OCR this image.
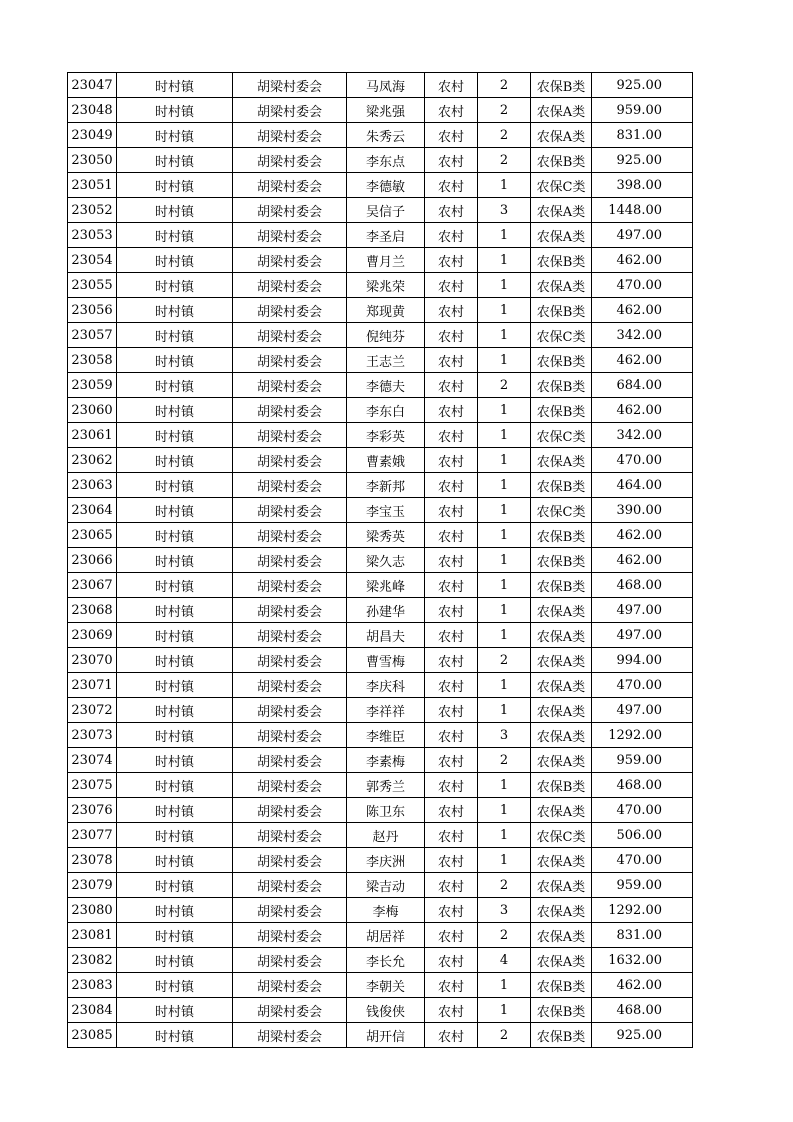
23047	时村镇	胡梁村委会	马凤海	农村	2	农保B类	925.00
23048	时村镇	胡梁村委会	梁兆强	农村	2	农保A类	959.00
23049	时村镇	胡梁村委会	朱秀云	农村	2	农保A类	831.00
23050	时村镇	胡梁村委会	李东点	农村	2	农保B类	925.00
23051	时村镇	胡梁村委会	李德敏	农村	1	农保C类	398.00
23052	时村镇	胡梁村委会	吴信子	农村	3	农保A类	1448.00
23053	时村镇	胡梁村委会	李圣启	农村	1	农保A类	497.00
23054	时村镇	胡梁村委会	曹月兰	农村	1	农保B类	462.00
23055	时村镇	胡梁村委会	梁兆荣	农村	1	农保A类	470.00
23056	时村镇	胡梁村委会	郑现黄	农村	1	农保B类	462.00
23057	时村镇	胡梁村委会	倪纯芬	农村	1	农保C类	342.00
23058	时村镇	胡梁村委会	王志兰	农村	1	农保B类	462.00
23059	时村镇	胡梁村委会	李德夫	农村	2	农保B类	684.00
23060	时村镇	胡梁村委会	李东白	农村	1	农保B类	462.00
23061	时村镇	胡梁村委会	李彩英	农村	1	农保C类	342.00
23062	时村镇	胡梁村委会	曹素娥	农村	1	农保A类	470.00
23063	时村镇	胡梁村委会	李新邦	农村	1	农保B类	464.00
23064	时村镇	胡梁村委会	李宝玉	农村	1	农保C类	390.00
23065	时村镇	胡梁村委会	梁秀英	农村	1	农保B类	462.00
23066	时村镇	胡梁村委会	梁久志	农村	1	农保B类	462.00
23067	时村镇	胡梁村委会	梁兆峰	农村	1	农保B类	468.00
23068	时村镇	胡梁村委会	孙建华	农村	1	农保A类	497.00
23069	时村镇	胡梁村委会	胡昌夫	农村	1	农保A类	497.00
23070	时村镇	胡梁村委会	曹雪梅	农村	2	农保A类	994.00
23071	时村镇	胡梁村委会	李庆科	农村	1	农保A类	470.00
23072	时村镇	胡梁村委会	李祥祥	农村	1	农保A类	497.00
23073	时村镇	胡梁村委会	李维臣	农村	3	农保A类	1292.00
23074	时村镇	胡梁村委会	李素梅	农村	2	农保A类	959.00
23075	时村镇	胡梁村委会	郭秀兰	农村	1	农保B类	468.00
23076	时村镇	胡梁村委会	陈卫东	农村	1	农保A类	470.00
23077	时村镇	胡梁村委会	赵丹	农村	1	农保C类	506.00
23078	时村镇	胡梁村委会	李庆洲	农村	1	农保A类	470.00
23079	时村镇	胡梁村委会	梁吉动	农村	2	农保A类	959.00
23080	时村镇	胡梁村委会	李梅	农村	3	农保A类	1292.00
23081	时村镇	胡梁村委会	胡居祥	农村	2	农保A类	831.00
23082	时村镇	胡梁村委会	李长允	农村	4	农保A类	1632.00
23083	时村镇	胡梁村委会	李朝关	农村	1	农保B类	462.00
23084	时村镇	胡梁村委会	钱俊侠	农村	1	农保B类	468.00
23085	时村镇	胡梁村委会	胡开信	农村	2	农保B类	925.00
